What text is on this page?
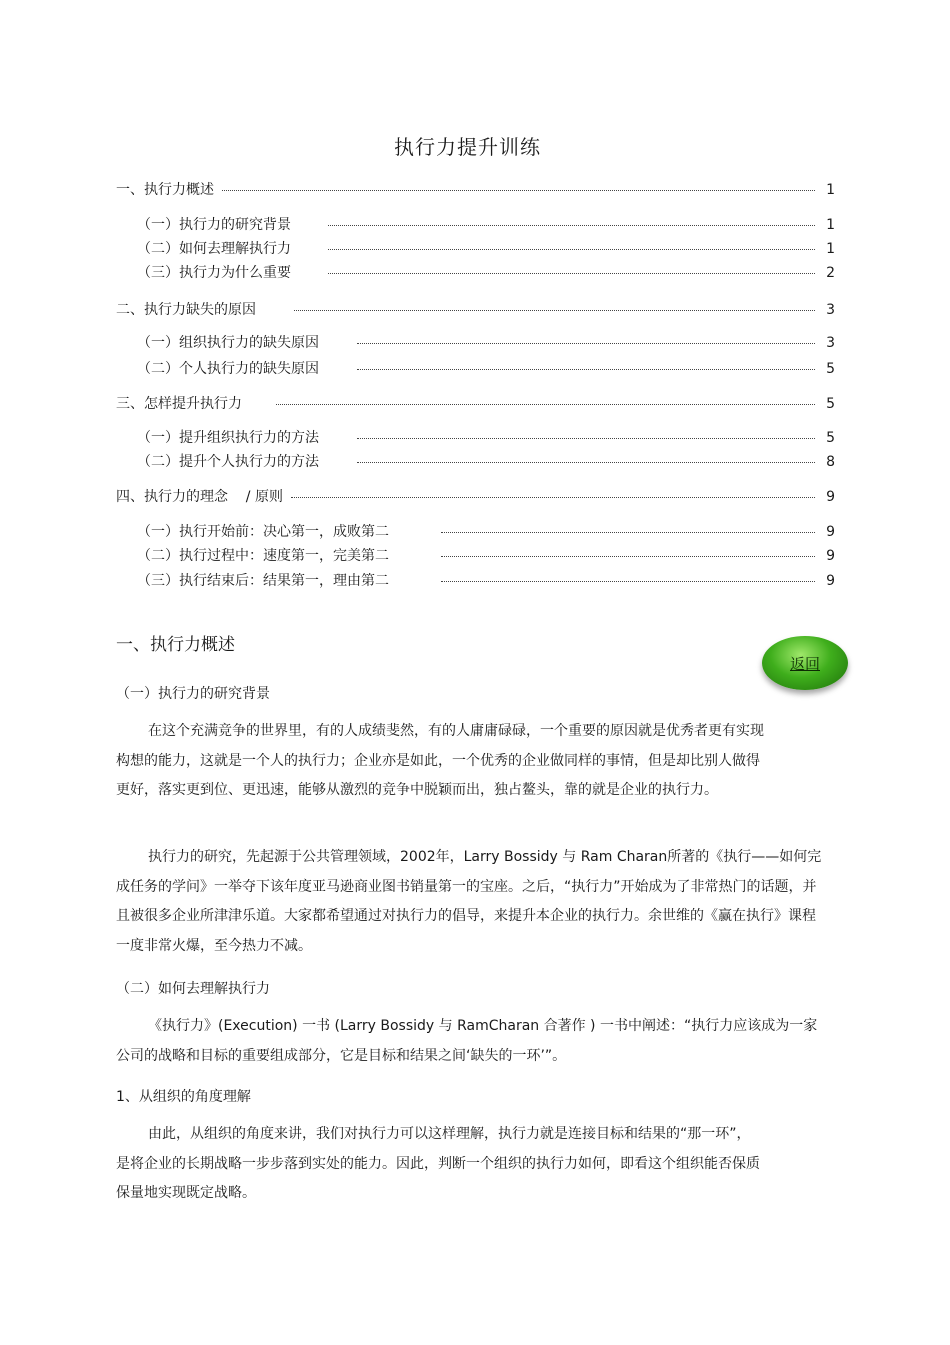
执行力提升训练
一、执行力概述	1
（一）执行力的研究背景	1
（二）如何去理解执行力	1
（三）执行力为什么重要	2
二、执行力缺失的原因	3
（一）组织执行力的缺失原因	3
（二）个人执行力的缺失原因	5
三、怎样提升执行力	5
（一）提升组织执行力的方法	5
（二）提升个人执行力的方法	8
四、执行力的理念    / 原则	9
（一）执行开始前：决心第一，成败第二	9
（二）执行过程中：速度第一，完美第二	9
（三）执行结束后：结果第一，理由第二	9
一、执行力概述
返回
（一）执行力的研究背景

在这个充满竞争的世界里，有的人成绩斐然，有的人庸庸碌碌，一个重要的原因就是优秀者更有实现构想的能力，这就是一个人的执行力；企业亦是如此，一个优秀的企业做同样的事情，但是却比别人做得更好，落实更到位、更迅速，能够从激烈的竞争中脱颖而出，独占鳌头，靠的就是企业的执行力。

执行力的研究，先起源于公共管理领域，2002年，Larry Bossidy 与 Ram Charan所著的《执行——如何完成任务的学问》一举夺下该年度亚马逊商业图书销量第一的宝座。之后，“执行力”开始成为了非常热门的话题，并且被很多企业所津津乐道。大家都希望通过对执行力的倡导，来提升本企业的执行力。余世维的《赢在执行》课程一度非常火爆，至今热力不减。

（二）如何去理解执行力

《执行力》(Execution) 一书 (Larry Bossidy 与 RamCharan 合著作 ) 一书中阐述：“执行力应该成为一家公司的战略和目标的重要组成部分，它是目标和结果之间‘缺失的一环’”。

1、从组织的角度理解

由此，从组织的角度来讲，我们对执行力可以这样理解，执行力就是连接目标和结果的“那一环”，是将企业的长期战略一步步落到实处的能力。因此，判断一个组织的执行力如何，即看这个组织能否保质保量地实现既定战略。
